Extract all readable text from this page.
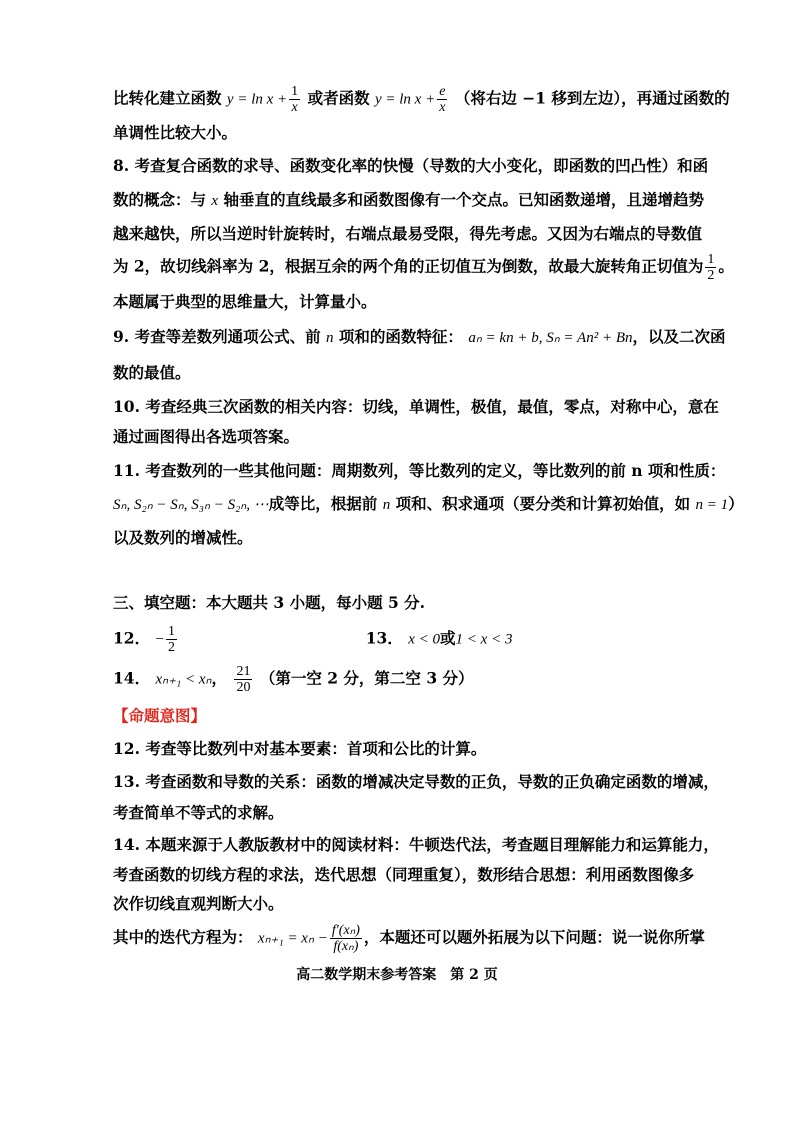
比转化建立函数 $y = \ln x + \frac{1}{x}$ 或者函数 $y = \ln x + \frac{e}{x}$ （将右边 −1 移到左边），再通过函数的
单调性比较大小。
8. 考查复合函数的求导、函数变化率的快慢（导数的大小变化，即函数的凹凸性）和函
数的概念：与 x 轴垂直的直线最多和函数图像有一个交点。已知函数递增，且递增趋势
越来越快，所以当逆时针旋转时，右端点最易受限，得先考虑。又因为右端点的导数值
为 2，故切线斜率为 2，根据互余的两个角的正切值互为倒数，故最大旋转角正切值为 $\frac{1}{2}$ 。
本题属于典型的思维量大，计算量小。
9. 考查等差数列通项公式、前 n 项和的函数特征： aₙ = kn + b, Sₙ = An² + Bn，以及二次函
数的最值。
10. 考查经典三次函数的相关内容：切线，单调性，极值，最值，零点，对称中心，意在
通过画图得出各选项答案。
11. 考查数列的一些其他问题：周期数列，等比数列的定义，等比数列的前 n 项和性质：
Sₙ, S₂ₙ − Sₙ, S₃ₙ − S₂ₙ, ⋯成等比，根据前 n 项和、积求通项（要分类和计算初始值，如 n = 1）
以及数列的增减性。
三、填空题：本大题共 3 小题，每小题 5 分.
12． − $\frac{1}{2}$	13． x < 0或1 < x < 3
14． xₙ₊₁ < xₙ， $\frac{21}{20}$ （第一空 2 分，第二空 3 分）
【命题意图】
12. 考查等比数列中对基本要素：首项和公比的计算。
13. 考查函数和导数的关系：函数的增减决定导数的正负，导数的正负确定函数的增减，
考查简单不等式的求解。
14. 本题来源于人教版教材中的阅读材料：牛顿迭代法，考查题目理解能力和运算能力，
考查函数的切线方程的求法，迭代思想（同理重复），数形结合思想：利用函数图像多
次作切线直观判断大小。
其中的迭代方程为： $x_{n+1} = x_n - \frac{\text{f′(xₙ)}}{\text{f(xₙ)}}$ ，本题还可以题外拓展为以下问题：说一说你所掌
高二数学期末参考答案　第 2 页
